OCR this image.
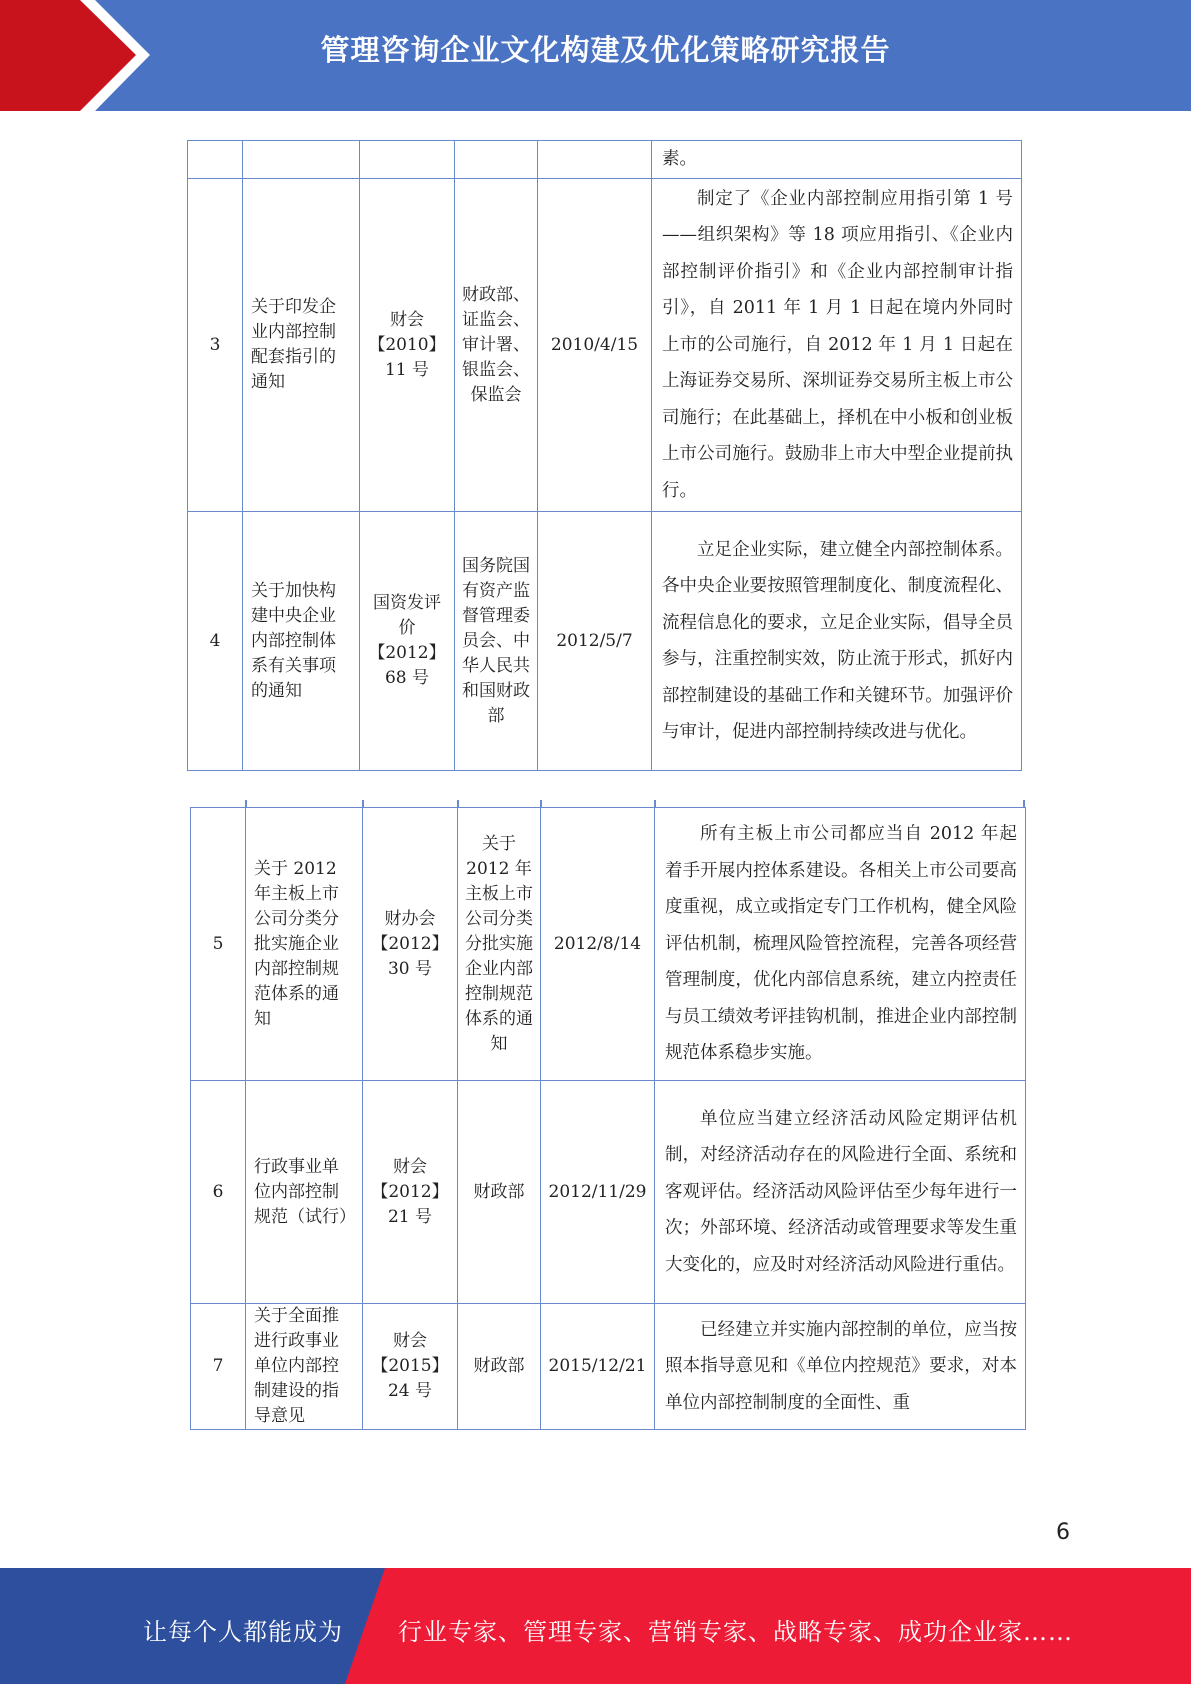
管理咨询企业文化构建及优化策略研究报告
					素。
3	关于印发企业内部控制配套指引的通知	财会【2010】11 号	财政部、证监会、审计署、银监会、保监会	2010/4/15	制定了《企业内部控制应用指引第 1 号——组织架构》等 18 项应用指引、《企业内部控制评价指引》和《企业内部控制审计指引》，自 2011 年 1 月 1 日起在境内外同时上市的公司施行，自 2012 年 1 月 1 日起在上海证券交易所、深圳证券交易所主板上市公司施行；在此基础上，择机在中小板和创业板上市公司施行。鼓励非上市大中型企业提前执行。
4	关于加快构建中央企业内部控制体系有关事项的通知	国资发评价【2012】68 号	国务院国有资产监督管理委员会、中华人民共和国财政部	2012/5/7	立足企业实际，建立健全内部控制体系。各中央企业要按照管理制度化、制度流程化、流程信息化的要求，立足企业实际，倡导全员参与，注重控制实效，防止流于形式，抓好内部控制建设的基础工作和关键环节。加强评价与审计，促进内部控制持续改进与优化。
5	关于 2012 年主板上市公司分类分批实施企业内部控制规范体系的通知	财办会【2012】30 号	关于 2012 年主板上市公司分类分批实施企业内部控制规范体系的通知	2012/8/14	所有主板上市公司都应当自 2012 年起着手开展内控体系建设。各相关上市公司要高度重视，成立或指定专门工作机构，健全风险评估机制，梳理风险管控流程，完善各项经营管理制度，优化内部信息系统，建立内控责任与员工绩效考评挂钩机制，推进企业内部控制规范体系稳步实施。
6	行政事业单位内部控制规范（试行）	财会【2012】21 号	财政部	2012/11/29	单位应当建立经济活动风险定期评估机制，对经济活动存在的风险进行全面、系统和客观评估。经济活动风险评估至少每年进行一次；外部环境、经济活动或管理要求等发生重大变化的，应及时对经济活动风险进行重估。
7	关于全面推进行政事业单位内部控制建设的指导意见	财会【2015】24 号	财政部	2015/12/21	已经建立并实施内部控制的单位，应当按照本指导意见和《单位内控规范》要求，对本单位内部控制制度的全面性、重
6
让每个人都能成为 行业专家、管理专家、营销专家、战略专家、成功企业家……
